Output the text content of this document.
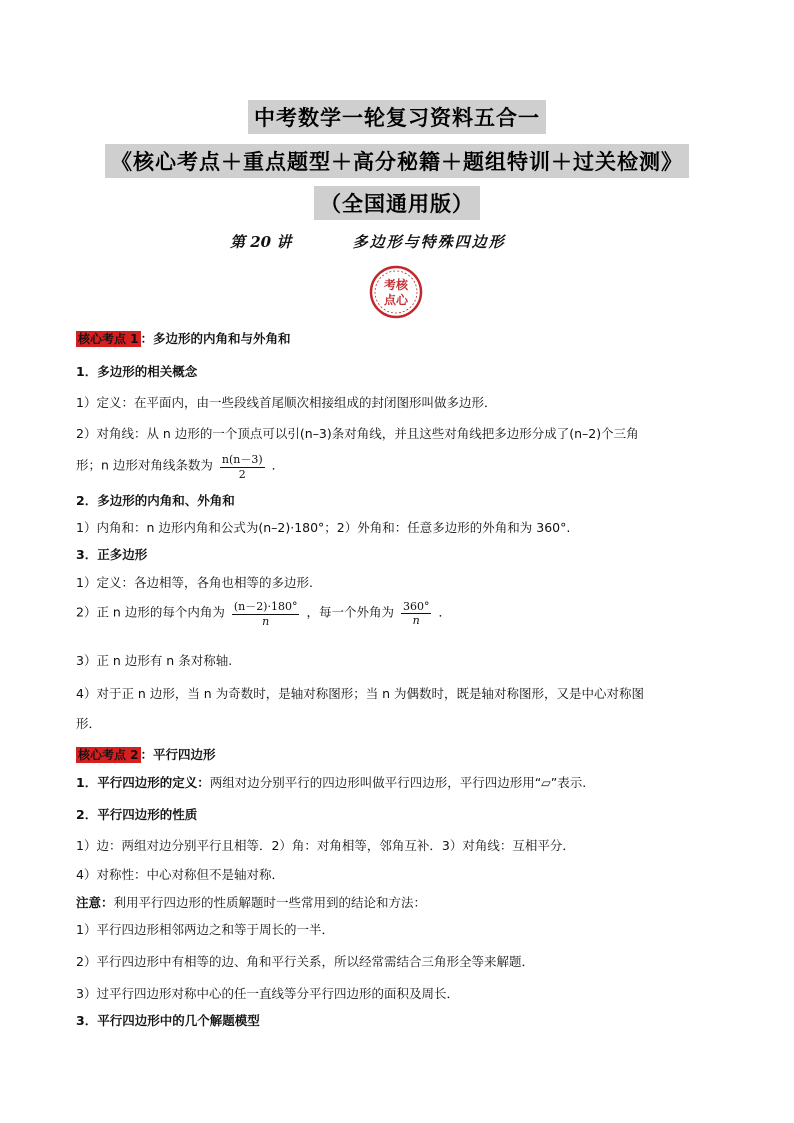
中考数学一轮复习资料五合一
《核心考点＋重点题型＋高分秘籍＋题组特训＋过关检测》
（全国通用版）
第 20 讲	多边形与特殊四边形
考核
点心
核心考点 1 ：多边形的内角和与外角和
1．多边形的相关概念
1）定义：在平面内，由一些段线首尾顺次相接组成的封闭图形叫做多边形．
2）对角线：从 n 边形的一个顶点可以引(n–3)条对角线，并且这些对角线把多边形分成了(n–2)个三角
形；n 边形对角线条数为 $\frac{n(n-3)}{2}$ ．
2．多边形的内角和、外角和
1）内角和：n 边形内角和公式为(n–2)·180°；2）外角和：任意多边形的外角和为 360°.
3．正多边形
1）定义：各边相等，各角也相等的多边形.
2）正 n 边形的每个内角为 $\frac{(n-2)\cdot 180^\circ}{n}$ ，每一个外角为 $\frac{360^\circ}{n}$ ．
3）正 n 边形有 n 条对称轴.
4）对于正 n 边形，当 n 为奇数时，是轴对称图形；当 n 为偶数时，既是轴对称图形，又是中心对称图
形．
核心考点 2 ：平行四边形
1．平行四边形的定义：两组对边分别平行的四边形叫做平行四边形，平行四边形用“▱”表示.
2．平行四边形的性质
1）边：两组对边分别平行且相等．2）角：对角相等，邻角互补．3）对角线：互相平分．
4）对称性：中心对称但不是轴对称．
注意：利用平行四边形的性质解题时一些常用到的结论和方法：
1）平行四边形相邻两边之和等于周长的一半．
2）平行四边形中有相等的边、角和平行关系，所以经常需结合三角形全等来解题．
3）过平行四边形对称中心的任一直线等分平行四边形的面积及周长．
3．平行四边形中的几个解题模型
